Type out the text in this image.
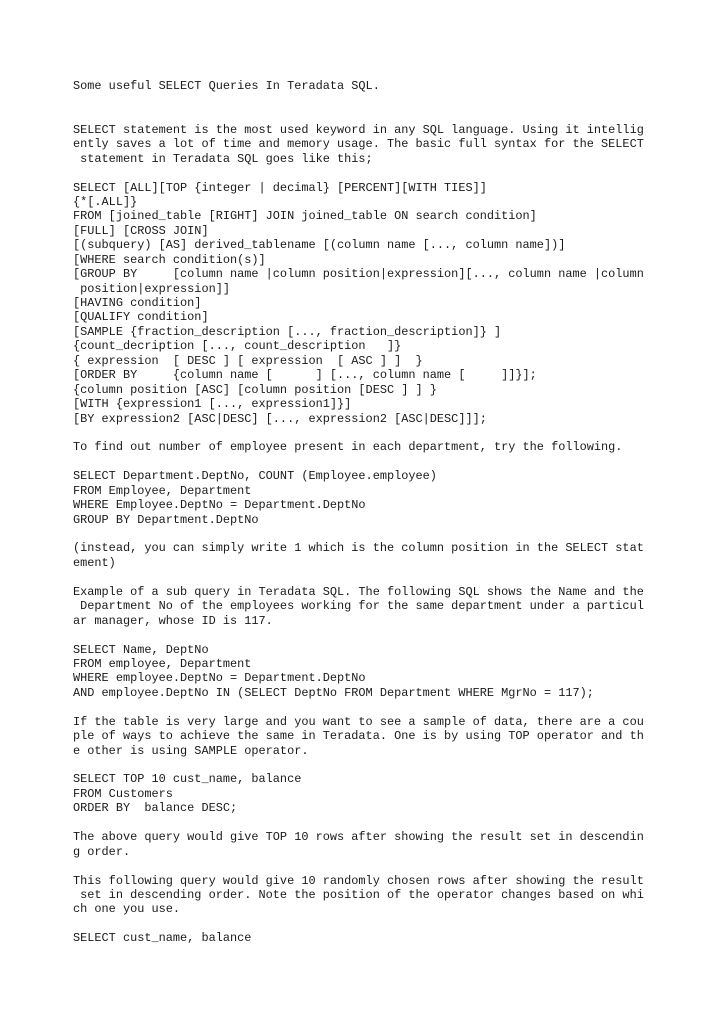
Some useful SELECT Queries In Teradata SQL.
SELECT statement is the most used keyword in any SQL language. Using it intellig
ently saves a lot of time and memory usage. The basic full syntax for the SELECT
statement in Teradata SQL goes like this;
SELECT [ALL][TOP {integer | decimal} [PERCENT][WITH TIES]]
{*[.ALL]}
FROM [joined_table [RIGHT] JOIN joined_table ON search condition]
[FULL] [CROSS JOIN]
[(subquery) [AS] derived_tablename [(column name [..., column name])]
[WHERE search condition(s)]
[GROUP BY     [column name |column position|expression][..., column name |column
position|expression]]
[HAVING condition]
[QUALIFY condition]
[SAMPLE {fraction_description [..., fraction_description]} ]
{count_decription [..., count_description   ]}
{ expression  [ DESC ] [ expression  [ ASC ] ]  }
[ORDER BY     {column name [      ] [..., column name [     ]]}];
{column position [ASC] [column position [DESC ] ] }
[WITH {expression1 [..., expression1]}]
[BY expression2 [ASC|DESC] [..., expression2 [ASC|DESC]]];
To find out number of employee present in each department, try the following.
SELECT Department.DeptNo, COUNT (Employee.employee)
FROM Employee, Department
WHERE Employee.DeptNo = Department.DeptNo
GROUP BY Department.DeptNo
(instead, you can simply write 1 which is the column position in the SELECT stat
ement)
Example of a sub query in Teradata SQL. The following SQL shows the Name and the
Department No of the employees working for the same department under a particul
ar manager, whose ID is 117.
SELECT Name, DeptNo
FROM employee, Department
WHERE employee.DeptNo = Department.DeptNo
AND employee.DeptNo IN (SELECT DeptNo FROM Department WHERE MgrNo = 117);
If the table is very large and you want to see a sample of data, there are a cou
ple of ways to achieve the same in Teradata. One is by using TOP operator and th
e other is using SAMPLE operator.
SELECT TOP 10 cust_name, balance
FROM Customers
ORDER BY  balance DESC;
The above query would give TOP 10 rows after showing the result set in descendin
g order.
This following query would give 10 randomly chosen rows after showing the result
set in descending order. Note the position of the operator changes based on whi
ch one you use.
SELECT cust_name, balance
